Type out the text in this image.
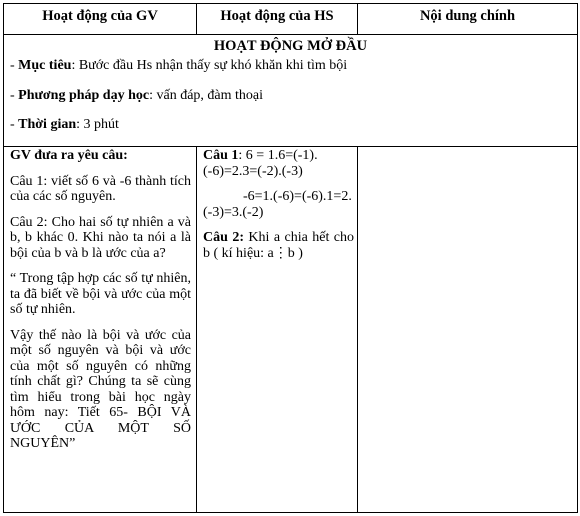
Hoạt động của GV	Hoạt động của HS	Nội dung chính
HOẠT ĐỘNG MỞ ĐẦU
- Mục tiêu: Bước đầu Hs nhận thấy sự khó khăn khi tìm bội
- Phương pháp dạy học: vấn đáp, đàm thoại
- Thời gian: 3 phút

GV đưa ra yêu câu:

Câu 1: viết số 6 và -6 thành tích của các số nguyên.

Câu 2: Cho hai số tự nhiên a và b, b khác 0. Khi nào ta nói a là bội của b và b là ước của a?

“ Trong tập hợp các số tự nhiên, ta đã biết về bội và ước của một số tự nhiên.

Vậy thế nào là bội và ước của một số nguyên và bội và ước của một số nguyên có những tính chất gì? Chúng ta sẽ cùng tìm hiểu trong bài học ngày hôm nay: Tiết 65- BỘI VÀ ƯỚC CỦA MỘT SỐ NGUYÊN”

Câu 1: 6 = 1.6=(-1).(-6)=2.3=(-2).(-3)

-6=1.(-6)=(-6).1=2.(-3)=3.(-2)

Câu 2: Khi a chia hết cho b ( kí hiệu: a⋮b )
